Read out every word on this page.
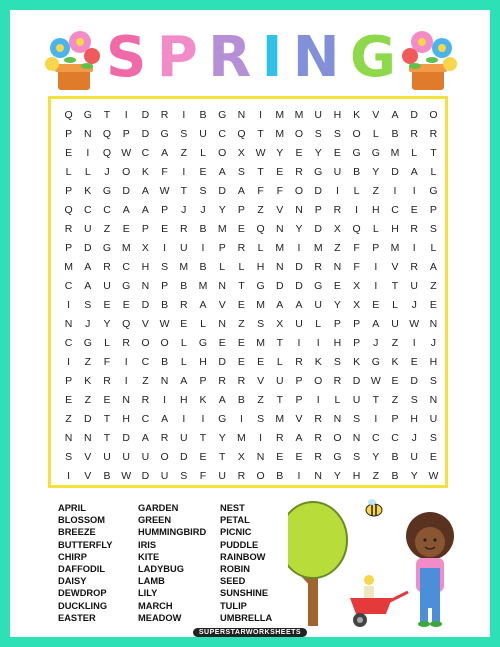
S P R I N G
Q	G	T	I	D	R	I	B	G	N	I	M M	U	H	K	V	A	D	O
P	N	Q	P	D	G	S	U	C	Q	T	M	O	S	S	O	L	B	R	R
E	I	Q W C	A	Z	L	O	X	W	Y	E	Y	E	G	G	M	L	T
L	L	J	O	K	F	I	E	A	S	T	E	R	G	U	B	Y	D	A	L
P	K	G	D	A	W	T	S	D	A	F	F	O	D	I	L	Z	I	I	G
Q	C	C	A	A	P	J	J	Y	P	Z	V	N	P	R	I	H	C	E	P
R	U	Z	E	P	E	R	B	M	E	Q	N	Y	D	X	Q	L	H	R	S
P	D	G	M	X	I	U	I	P	R	L	M	I	M	Z	F	P	M	I	L
M	A	R	C	H	S	M	B	L	L	H	N	D	R	N	F	I	V	R	A
C	A	U	G	N	P	B	M	N	T	G	D	D	G	E	X	I	T	U	Z
I	S	E	E	D	B	R	A	V	E	M	A	A	U	Y	X	E	L	J	E
N	J	Y	Q	V	W	E	L	N	Z	S	X	U	L	P	P	A	U W N
C	G	L	R	O	O	L	G	E	E	M	T	I	I	H	P	J	Z	I	J
I	Z	F	I	C	B	L	H	D	E	E	L	R	K	S	K	G	K	E	H
P	K	R	I	Z	N	A	P	R	R	V	U	P	O	R	D W	E	D	S
E	Z	E	N	R	I	H	K	A	B	Z	T	P	I	L	U	T	Z	S	N
Z	D	T	H	C	A	I	I	G	I	S	M	V	R	N	S	I	P	H	U
N	N	T	D	A	R	U	T	Y	M	I	R	A	R	O	N	C	C	J	S
S	V	U	U	U	O	D	E	T	X	N	E	E	R	G	S	Y	B	U	E
I	V	B	W D	U	S	F	U	R	O	B	I	N	Y	H	Z	B	Y	W
APRIL
BLOSSOM
BREEZE
BUTTERFLY
CHIRP
DAFFODIL
DAISY
DEWDROP
DUCKLING
EASTER
GARDEN
GREEN
HUMMINGBIRD
IRIS
KITE
LADYBUG
LAMB
LILY
MARCH
MEADOW
NEST
PETAL
PICNIC
PUDDLE
RAINBOW
ROBIN
SEED
SUNSHINE
TULIP
UMBRELLA
SUPERSTARWORKSHEETS
